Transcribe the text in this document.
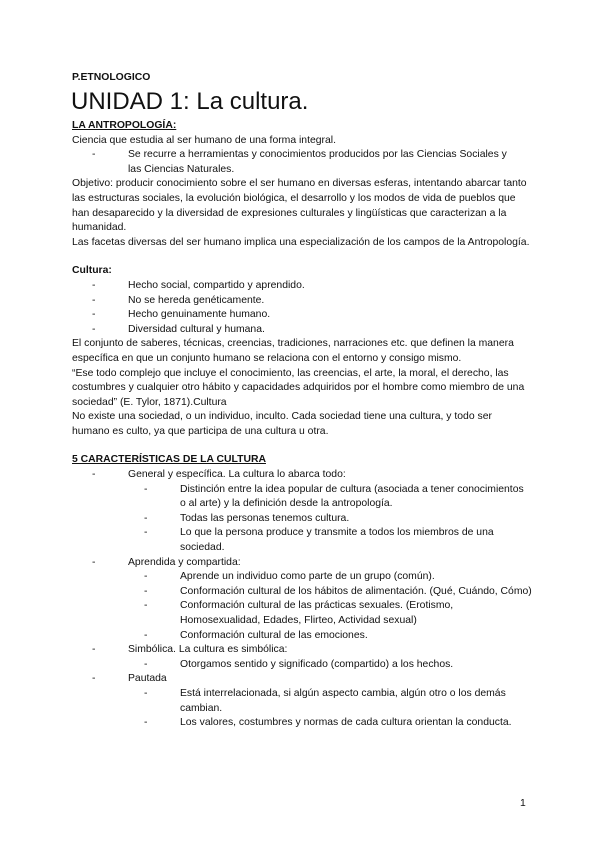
P.ETNOLOGICO
UNIDAD 1: La cultura.
LA ANTROPOLOGÍA:

Ciencia que estudia al ser humano de una forma integral.

- Se recurre a herramientas y conocimientos producidos por las Ciencias Sociales y las Ciencias Naturales.

Objetivo: producir conocimiento sobre el ser humano en diversas esferas, intentando abarcar tanto las estructuras sociales, la evolución biológica, el desarrollo y los modos de vida de pueblos que han desaparecido y la diversidad de expresiones culturales y lingüísticas que caracterizan a la humanidad.

Las facetas diversas del ser humano implica una especialización de los campos de la Antropología.

Cultura:
- Hecho social, compartido y aprendido.
- No se hereda genéticamente.
- Hecho genuinamente humano.
- Diversidad cultural y humana.

El conjunto de saberes, técnicas, creencias, tradiciones, narraciones etc. que definen la manera específica en que un conjunto humano se relaciona con el entorno y consigo mismo.

“Ese todo complejo que incluye el conocimiento, las creencias, el arte, la moral, el derecho, las costumbres y cualquier otro hábito y capacidades adquiridos por el hombre como miembro de una sociedad” (E. Tylor, 1871).Cultura

No existe una sociedad, o un individuo, inculto. Cada sociedad tiene una cultura, y todo ser humano es culto, ya que participa de una cultura u otra.

5 CARACTERÍSTICAS DE LA CULTURA
- General y específica. La cultura lo abarca todo:
- Distinción entre la idea popular de cultura (asociada a tener conocimientos o al arte) y la definición desde la antropología.
- Todas las personas tenemos cultura.
- Lo que la persona produce y transmite a todos los miembros de una sociedad.
- Aprendida y compartida:
- Aprende un individuo como parte de un grupo (común).
- Conformación cultural de los hábitos de alimentación. (Qué, Cuándo, Cómo)
- Conformación cultural de las prácticas sexuales. (Erotismo, Homosexualidad, Edades, Flirteo, Actividad sexual)
- Conformación cultural de las emociones.
- Simbólica. La cultura es simbólica:
- Otorgamos sentido y significado (compartido) a los hechos.
- Pautada
- Está interrelacionada, si algún aspecto cambia, algún otro o los demás cambian.
- Los valores, costumbres y normas de cada cultura orientan la conducta.
1
